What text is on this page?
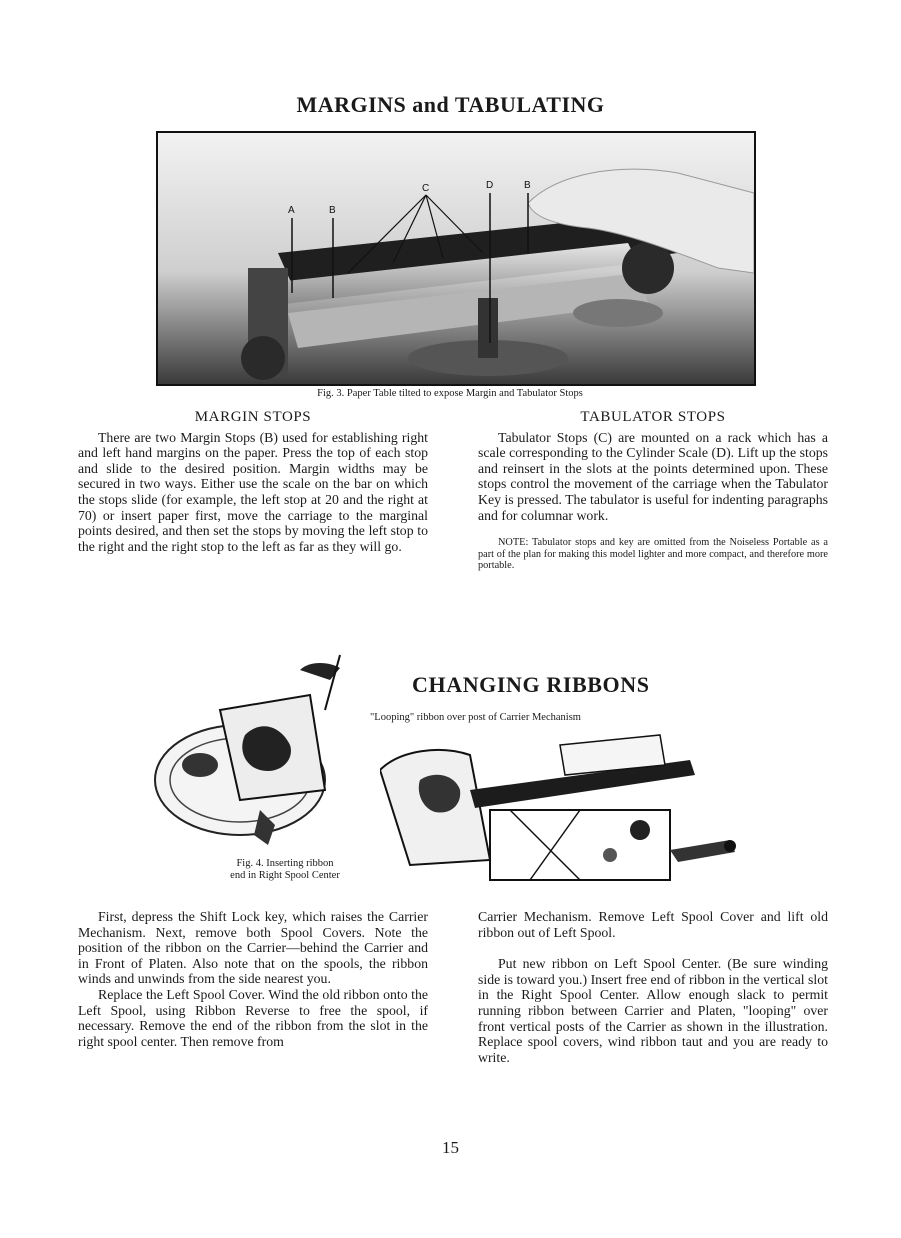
MARGINS and TABULATING
A	B
C	D	B
Fig. 3. Paper Table tilted to expose Margin and Tabulator Stops
MARGIN STOPS

There are two Margin Stops (B) used for establishing right and left hand margins on the paper. Press the top of each stop and slide to the desired position. Margin widths may be secured in two ways. Either use the scale on the bar on which the stops slide (for example, the left stop at 20 and the right at 70) or insert paper first, move the carriage to the marginal points desired, and then set the stops by moving the left stop to the right and the right stop to the left as far as they will go.

TABULATOR STOPS

Tabulator Stops (C) are mounted on a rack which has a scale corresponding to the Cylinder Scale (D). Lift up the stops and reinsert in the slots at the points determined upon. These stops control the movement of the carriage when the Tabulator Key is pressed. The tabulator is useful for indenting paragraphs and for columnar work.

NOTE: Tabulator stops and key are omitted from the Noiseless Portable as a part of the plan for making this model lighter and more compact, and therefore more portable.

CHANGING RIBBONS
"Looping" ribbon over post of Carrier Mechanism
Fig. 4. Inserting ribbon
end in Right Spool Center

First, depress the Shift Lock key, which raises the Carrier Mechanism. Next, remove both Spool Covers. Note the position of the ribbon on the Carrier—behind the Carrier and in Front of Platen. Also note that on the spools, the ribbon winds and unwinds from the side nearest you.

Replace the Left Spool Cover. Wind the old ribbon onto the Left Spool, using Ribbon Reverse to free the spool, if necessary. Remove the end of the ribbon from the slot in the right spool center. Then remove from

Carrier Mechanism. Remove Left Spool Cover and lift old ribbon out of Left Spool.

Put new ribbon on Left Spool Center. (Be sure winding side is toward you.) Insert free end of ribbon in the vertical slot in the Right Spool Center. Allow enough slack to permit running ribbon between Carrier and Platen, "looping" over front vertical posts of the Carrier as shown in the illustration. Replace spool covers, wind ribbon taut and you are ready to write.

15
